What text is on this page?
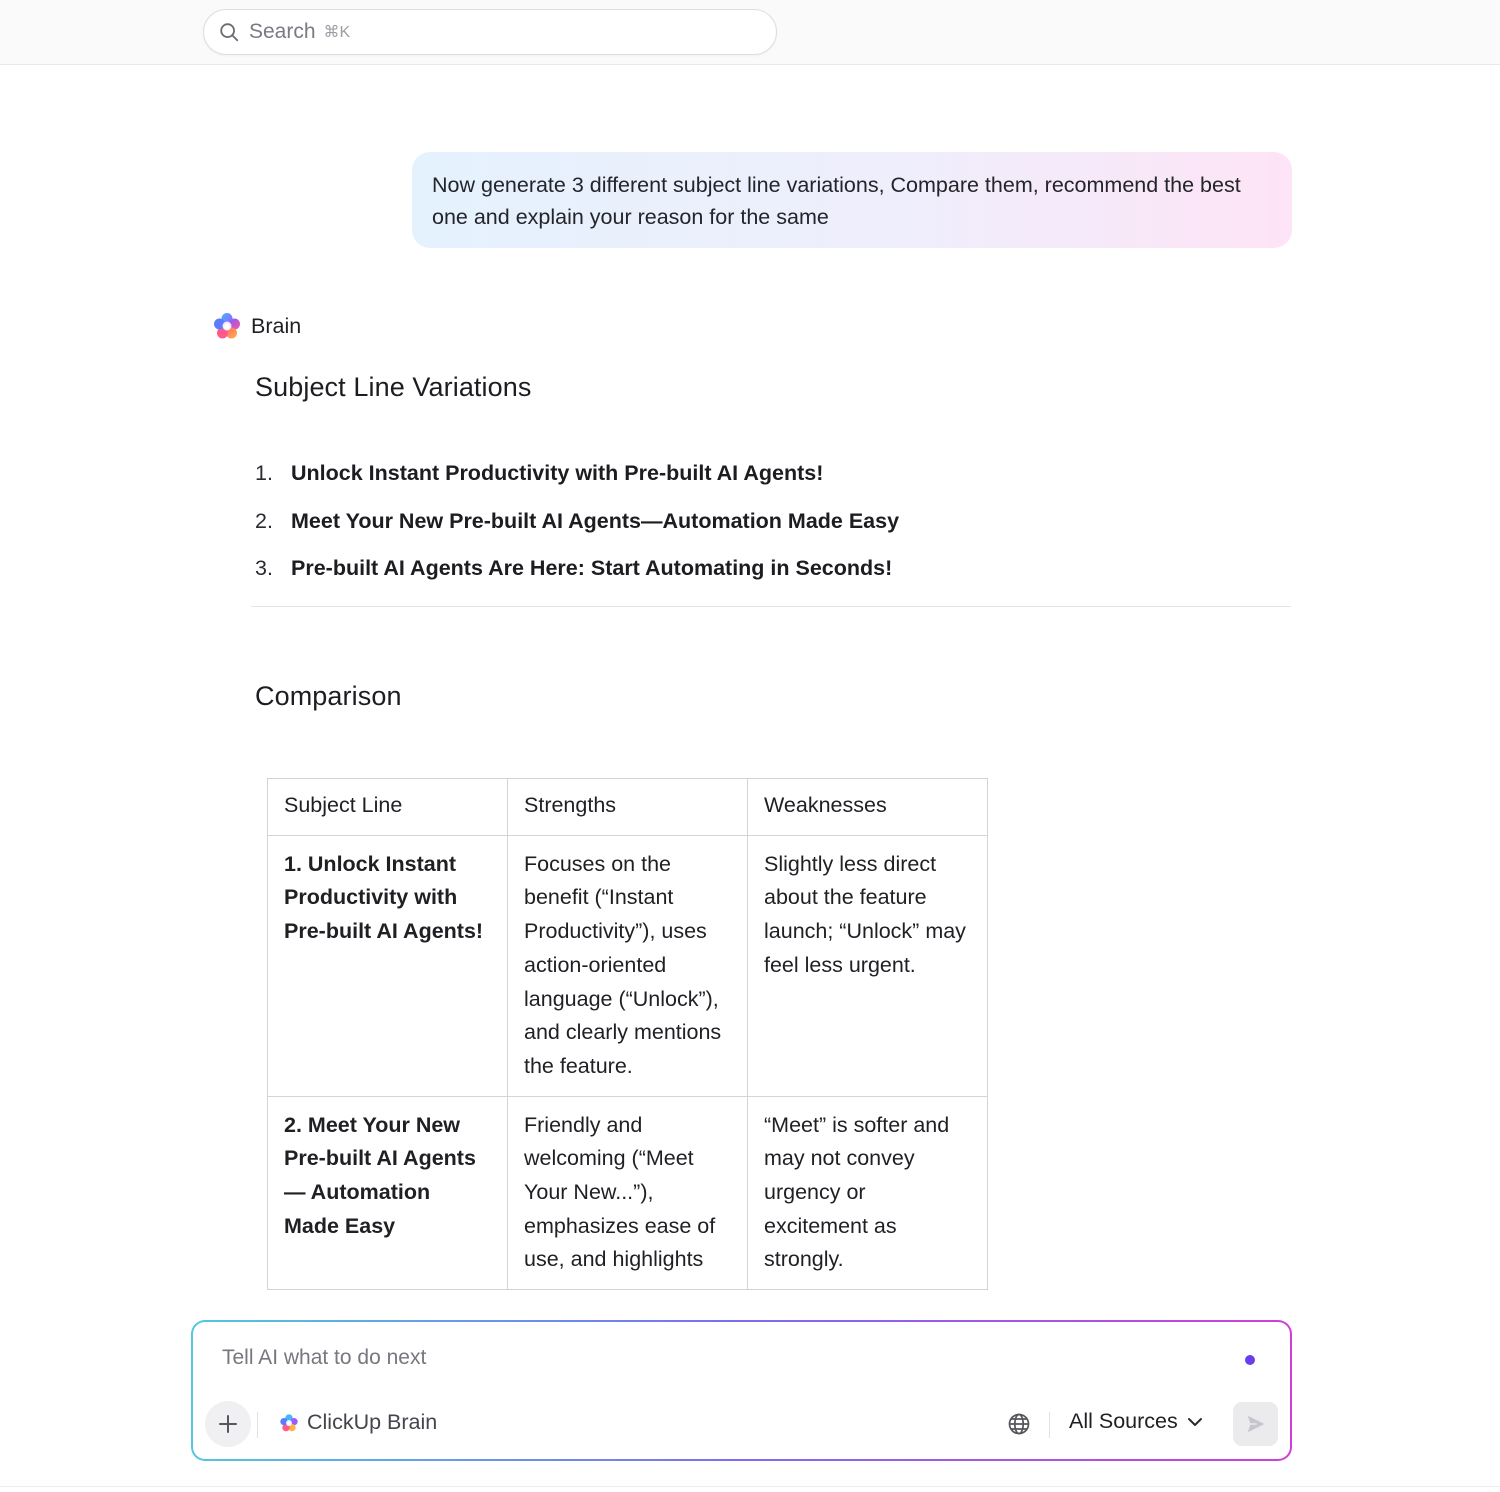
Search ⌘K
Now generate 3 different subject line variations, Compare them, recommend the best one and explain your reason for the same
Brain
Subject Line Variations
1. Unlock Instant Productivity with Pre-built AI Agents!
2. Meet Your New Pre-built AI Agents—Automation Made Easy
3. Pre-built AI Agents Are Here: Start Automating in Seconds!
Comparison
Subject Line	Strengths	Weaknesses
1. Unlock Instant Productivity with Pre-built AI Agents!	Focuses on the benefit (“Instant Productivity”), uses action-oriented language (“Unlock”), and clearly mentions the feature.	Slightly less direct about the feature launch; “Unlock” may feel less urgent.
2. Meet Your New Pre-built AI Agents— Automation Made Easy	Friendly and welcoming (“Meet Your New...”), emphasizes ease of use, and highlights	“Meet” is softer and may not convey urgency or excitement as strongly.
Tell AI what to do next
ClickUp Brain	All Sources
